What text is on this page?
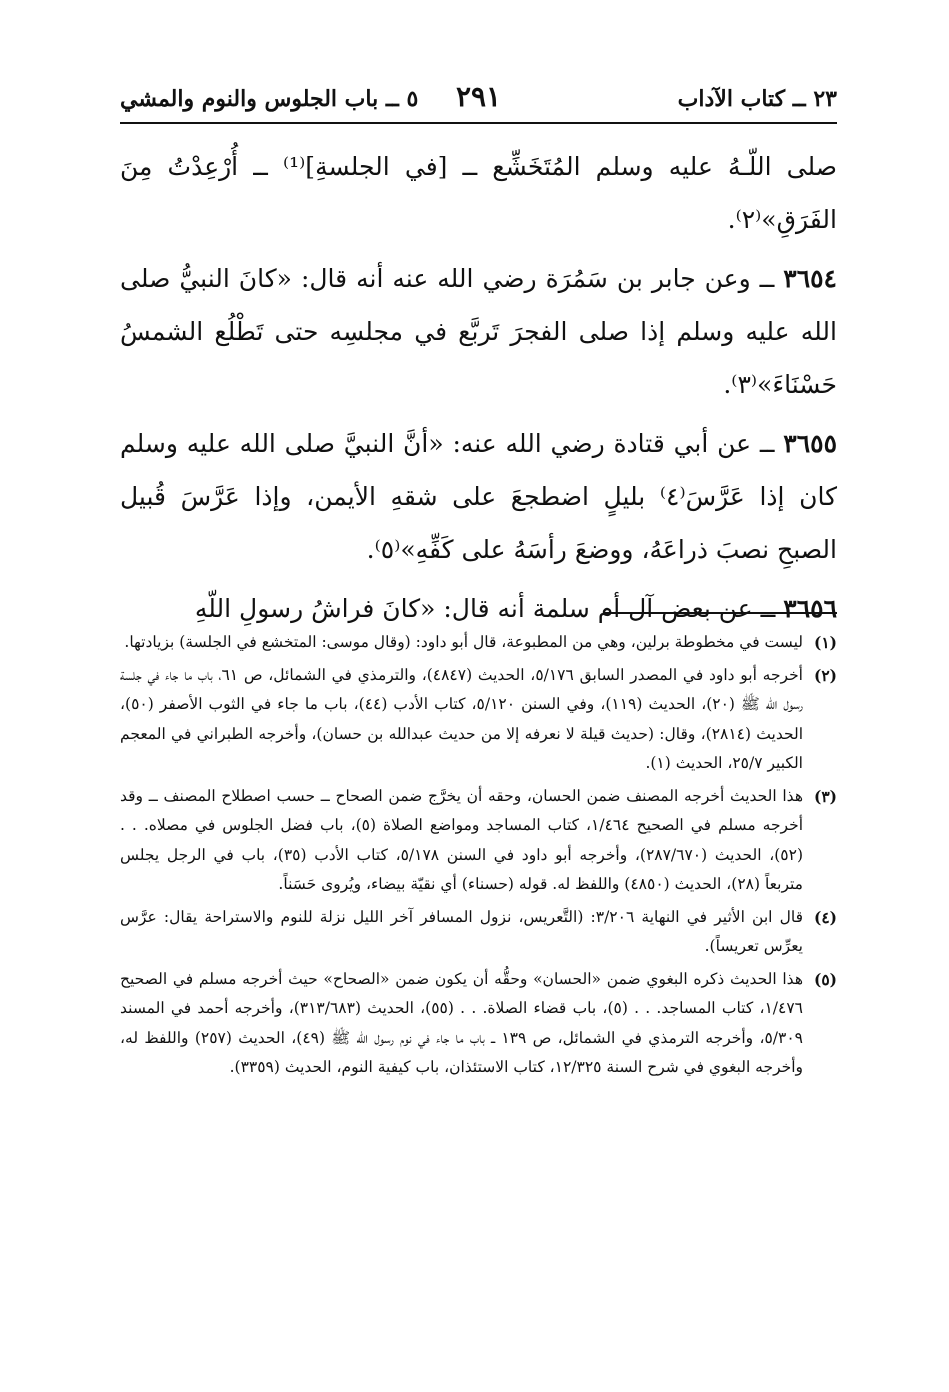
٢٣ ــ كتاب الآداب
٢٩١
٥ ــ باب الجلوس والنوم والمشي

صلى اللّـهُ عليه وسلم المُتَخَشِّع ــ [في الجلسةِ]⁽¹⁾ ــ أُرْعِدْتُ مِنَ الفَرَقِ»⁽٢⁾.

٣٦٥٤ ــ وعن جابر بن سَمُرَة رضي الله عنه أنه قال: «كانَ النبيُّ صلى الله عليه وسلم إذا صلى الفجرَ تَربَّع في مجلسِه حتى تَطْلُع الشمسُ حَسْنَاءَ»⁽٣⁾.

٣٦٥٥ ــ عن أبي قتادة رضي الله عنه: «أنَّ النبيَّ صلى الله عليه وسلم كان إذا عَرَّسَ⁽٤⁾ بليلٍ اضطجعَ على شقهِ الأيمن، وإذا عَرَّسَ قُبيل الصبحِ نصبَ ذراعَهُ، ووضعَ رأسَهُ على كَفِّهِ»⁽٥⁾.

٣٦٥٦ ــ عن بعض آل أم سلمة أنه قال: «كانَ فراشُ رسولِ اللّهِ

(١)
ليست في مخطوطة برلين، وهي من المطبوعة، قال أبو داود: (وقال موسى: المتخشع في الجلسة) بزيادتها.
(٢)
أخرجه أبو داود في المصدر السابق ٥/١٧٦، الحديث (٤٨٤٧)، والترمذي في الشمائل، ص ٦١، باب ما جاء في جلسة رسول الله ﷺ (٢٠)، الحديث (١١٩)، وفي السنن ٥/١٢٠، كتاب الأدب (٤٤)، باب ما جاء في الثوب الأصفر (٥٠)، الحديث (٢٨١٤)، وقال: (حديث قيلة لا نعرفه إلا من حديث عبدالله بن حسان)، وأخرجه الطبراني في المعجم الكبير ٢٥/٧، الحديث (١).
(٣)
هذا الحديث أخرجه المصنف ضمن الحسان، وحقه أن يخرَّج ضمن الصحاح ــ حسب اصطلاح المصنف ــ وقد أخرجه مسلم في الصحيح ١/٤٦٤، كتاب المساجد ومواضع الصلاة (٥)، باب فضل الجلوس في مصلاه. . . (٥٢)، الحديث (٢٨٧/٦٧٠)، وأخرجه أبو داود في السنن ٥/١٧٨، كتاب الأدب (٣٥)، باب في الرجل يجلس متربعاً (٢٨)، الحديث (٤٨٥٠) واللفظ له. قوله (حسناء) أي نقيّة بيضاء، ويُروى حَسَناً.
(٤)
قال ابن الأثير في النهاية ٣/٢٠٦: (التَّعريس، نزول المسافر آخر الليل نزلة للنوم والاستراحة يقال: عرَّس يعرِّس تعريساً).
(٥)
هذا الحديث ذكره البغوي ضمن «الحسان» وحقُّه أن يكون ضمن «الصحاح» حيث أخرجه مسلم في الصحيح ١/٤٧٦، كتاب المساجد. . . (٥)، باب قضاء الصلاة. . . (٥٥)، الحديث (٣١٣/٦٨٣)، وأخرجه أحمد في المسند ٥/٣٠٩، وأخرجه الترمذي في الشمائل، ص ١٣٩ ــ باب ما جاء في نوم رسول الله ﷺ (٤٩)، الحديث (٢٥٧) واللفظ له، وأخرجه البغوي في شرح السنة ١٢/٣٢٥، كتاب الاستئذان، باب كيفية النوم، الحديث (٣٣٥٩).
